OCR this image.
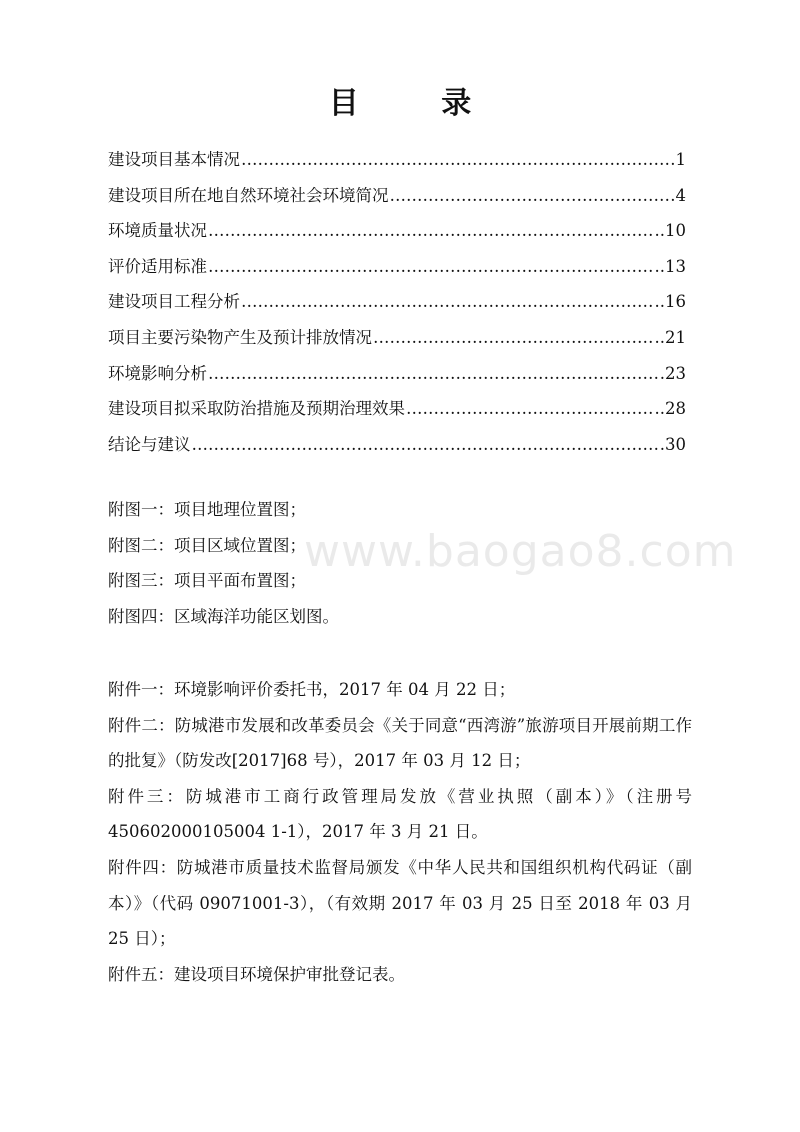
目 录
建设项目基本情况 ………………………………………………………………………………………………………………………………………………………………	.1
建设项目所在地自然环境社会环境简况 ………………………………………………………………………………………………………………………………………………………………	.4
环境质量状况 ………………………………………………………………………………………………………………………………………………………………	..10
评价适用标准 ………………………………………………………………………………………………………………………………………………………………	..13
建设项目工程分析 ………………………………………………………………………………………………………………………………………………………………	..16
项目主要污染物产生及预计排放情况 ………………………………………………………………………………………………………………………………………………………………	..21
环境影响分析 ………………………………………………………………………………………………………………………………………………………………	.23
建设项目拟采取防治措施及预期治理效果 ………………………………………………………………………………………………………………………………………………………………	..28
结论与建议 ………………………………………………………………………………………………………………………………………………………………	.30
附图一：项目地理位置图；
附图二：项目区域位置图；
附图三：项目平面布置图；
附图四：区域海洋功能区划图。
附件一：环境影响评价委托书，2017 年 04 月 22 日；
附件二：防城港市发展和改革委员会《关于同意“西湾游”旅游项目开展前期工作的批复》（防发改[2017]68 号），2017 年 03 月 12 日；
附件三：防城港市工商行政管理局发放《营业执照（副本）》（注册号 450602000105004 1-1），2017 年 3 月 21 日。
附件四：防城港市质量技术监督局颁发《中华人民共和国组织机构代码证（副本）》（代码 09071001-3），（有效期 2017 年 03 月 25 日至 2018 年 03 月 25 日）；
附件五：建设项目环境保护审批登记表。
www.baogao8.com
